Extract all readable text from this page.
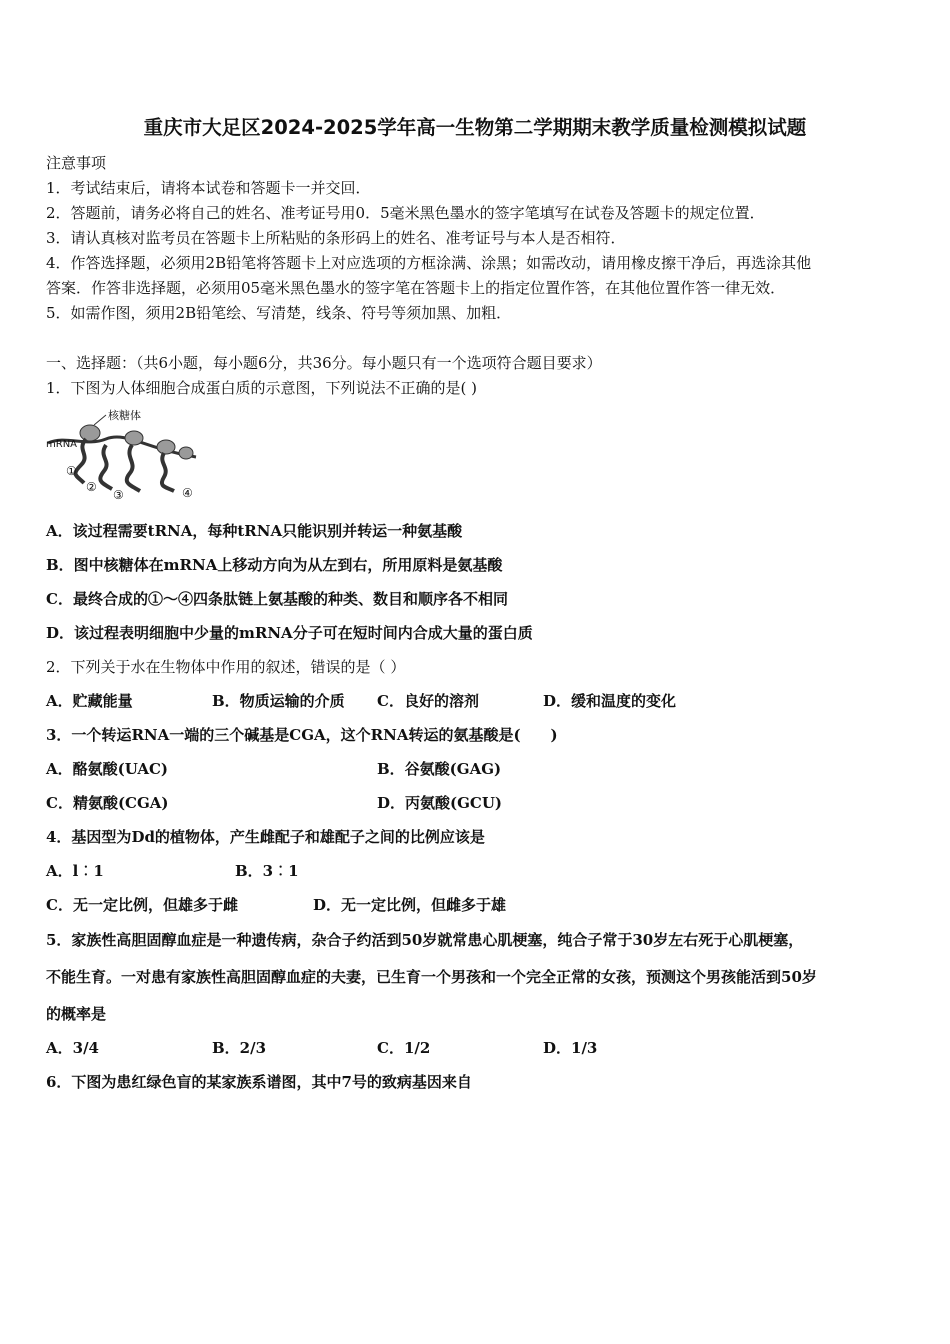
重庆市大足区2024-2025学年高一生物第二学期期末教学质量检测模拟试题
注意事项
1．考试结束后，请将本试卷和答题卡一并交回．
2．答题前，请务必将自己的姓名、准考证号用0．5毫米黑色墨水的签字笔填写在试卷及答题卡的规定位置．
3．请认真核对监考员在答题卡上所粘贴的条形码上的姓名、准考证号与本人是否相符．
4．作答选择题，必须用2B铅笔将答题卡上对应选项的方框涂满、涂黑；如需改动，请用橡皮擦干净后，再选涂其他
答案．作答非选择题，必须用05毫米黑色墨水的签字笔在答题卡上的指定位置作答，在其他位置作答一律无效．
5．如需作图，须用2B铅笔绘、写清楚，线条、符号等须加黑、加粗．
一、选择题：（共6小题，每小题6分，共36分。每小题只有一个选项符合题目要求）
1．下图为人体细胞合成蛋白质的示意图，下列说法不正确的是( )
核糖体
mRNA
①
②
③	④
A．该过程需要tRNA，每种tRNA只能识别并转运一种氨基酸
B．图中核糖体在mRNA上移动方向为从左到右，所用原料是氨基酸
C．最终合成的①～④四条肽链上氨基酸的种类、数目和顺序各不相同
D．该过程表明细胞中少量的mRNA分子可在短时间内合成大量的蛋白质
2．下列关于水在生物体中作用的叙述，错误的是（ ）
A．贮藏能量	B．物质运输的介质 C．良好的溶剂	D．缓和温度的变化
3．一个转运RNA一端的三个碱基是CGA，这个RNA转运的氨基酸是(　　)
A．酪氨酸(UAC)	B．谷氨酸(GAG)
C．精氨酸(CGA)	D．丙氨酸(GCU)
4．基因型为Dd的植物体，产生雌配子和雄配子之间的比例应该是
A．l︰1	B．3︰1
C．无一定比例，但雄多于雌	D．无一定比例，但雌多于雄
5．家族性高胆固醇血症是一种遗传病，杂合子约活到50岁就常患心肌梗塞，纯合子常于30岁左右死于心肌梗塞，
不能生育。一对患有家族性高胆固醇血症的夫妻，已生育一个男孩和一个完全正常的女孩，预测这个男孩能活到50岁
的概率是
A．3/4	B．2/3	C．1/2	D．1/3
6．下图为患红绿色盲的某家族系谱图，其中7号的致病基因来自
